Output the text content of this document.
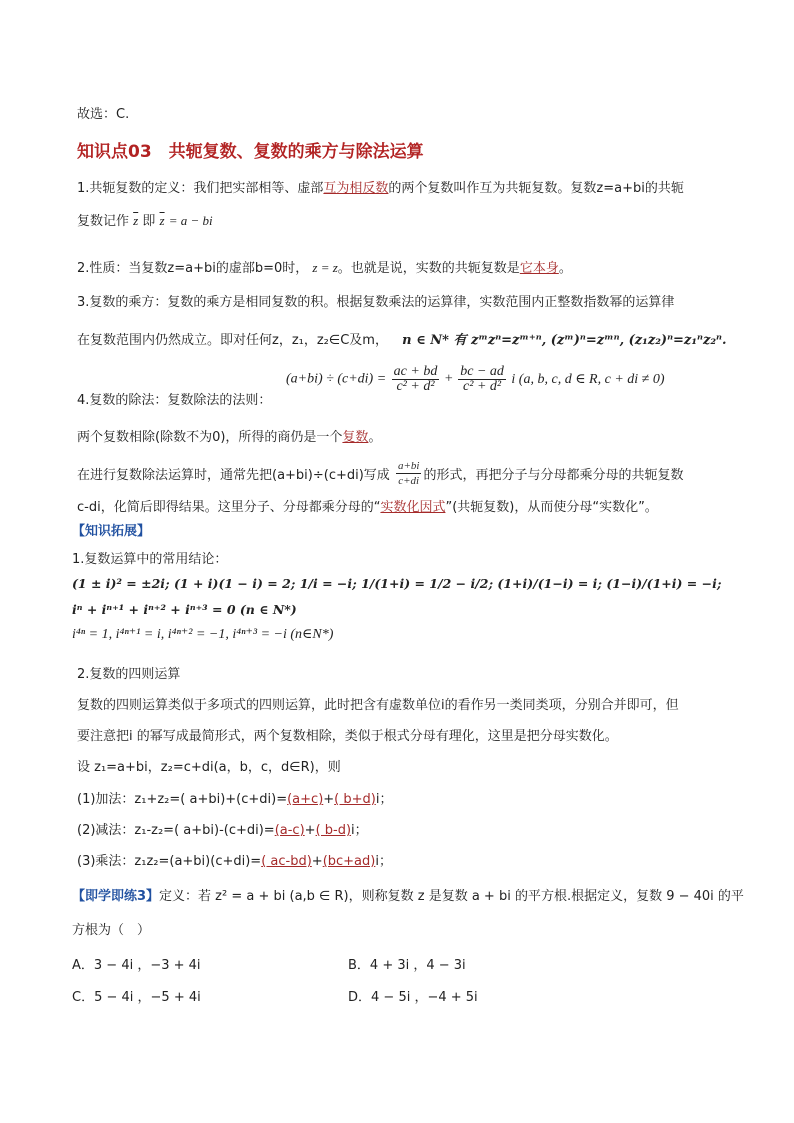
故选：C.
知识点03　共轭复数、复数的乘方与除法运算
1.共轭复数的定义：我们把实部相等、虚部互为相反数的两个复数叫作互为共轭复数。复数z=a+bi的共轭
复数记作 $\overline{z}$ 即 $\overline{z} = a$ − bi
2.性质：当复数z=a+bi的虚部b=0时， z = z。也就是说，实数的共轭复数是它本身。
3.复数的乘方：复数的乘方是相同复数的积。根据复数乘法的运算律，实数范围内正整数指数幂的运算律
在复数范围内仍然成立。即对任何z，z₁，z₂∈C及m， n ∈ N* 有 zᵐzⁿ=zᵐ⁺ⁿ, (zᵐ)ⁿ=zᵐⁿ, (z₁z₂)ⁿ=z₁ⁿz₂ⁿ.
4.复数的除法：复数除法的法则：
$(a+bi) \div (c+di) = \frac{ac + bd}{\text{c² + d²}} + \frac{bc - ad}{\text{c² + d²}}$ i (a, b, c, d ∈ R, c + di ≠ 0)
两个复数相除(除数不为0)，所得的商仍是一个复数。
在进行复数除法运算时，通常先把(a+bi)÷(c+di)写成 $\frac{a+bi}{c+di}$ 的形式，再把分子与分母都乘分母的共轭复数
c-di，化简后即得结果。这里分子、分母都乘分母的“实数化因式”(共轭复数)，从而使分母“实数化”。
【知识拓展】
1.复数运算中的常用结论：
(1 ± i)² = ±2i; (1 + i)(1 − i) = 2; 1/i = −i; 1/(1+i) = 1/2 − i/2; (1+i)/(1−i) = i; (1−i)/(1+i) = −i;
iⁿ + iⁿ⁺¹ + iⁿ⁺² + iⁿ⁺³ = 0 (n ∈ N*)
i⁴ⁿ = 1, i⁴ⁿ⁺¹ = i, i⁴ⁿ⁺² = −1, i⁴ⁿ⁺³ = −i (n∈N*)
2.复数的四则运算
复数的四则运算类似于多项式的四则运算，此时把含有虚数单位i的看作另一类同类项，分别合并即可，但
要注意把i 的幂写成最简形式，两个复数相除，类似于根式分母有理化，这里是把分母实数化。
设 z₁=a+bi，z₂=c+di(a，b，c，d∈R)，则
(1)加法：z₁+z₂=( a+bi)+(c+di)=(a+c)+( b+d)i；
(2)减法：z₁-z₂=( a+bi)-(c+di)=(a-c)+( b-d)i；
(3)乘法：z₁z₂=(a+bi)(c+di)=( ac-bd)+(bc+ad)i；
【即学即练3】定义：若 z² = a + bi (a,b ∈ R)，则称复数 z 是复数 a + bi 的平方根.根据定义，复数 9 − 40i 的平
方根为（　）
A．3 − 4i ，−3 + 4i	B．4 + 3i ，4 − 3i
C．5 − 4i ，−5 + 4i	D．4 − 5i ，−4 + 5i
